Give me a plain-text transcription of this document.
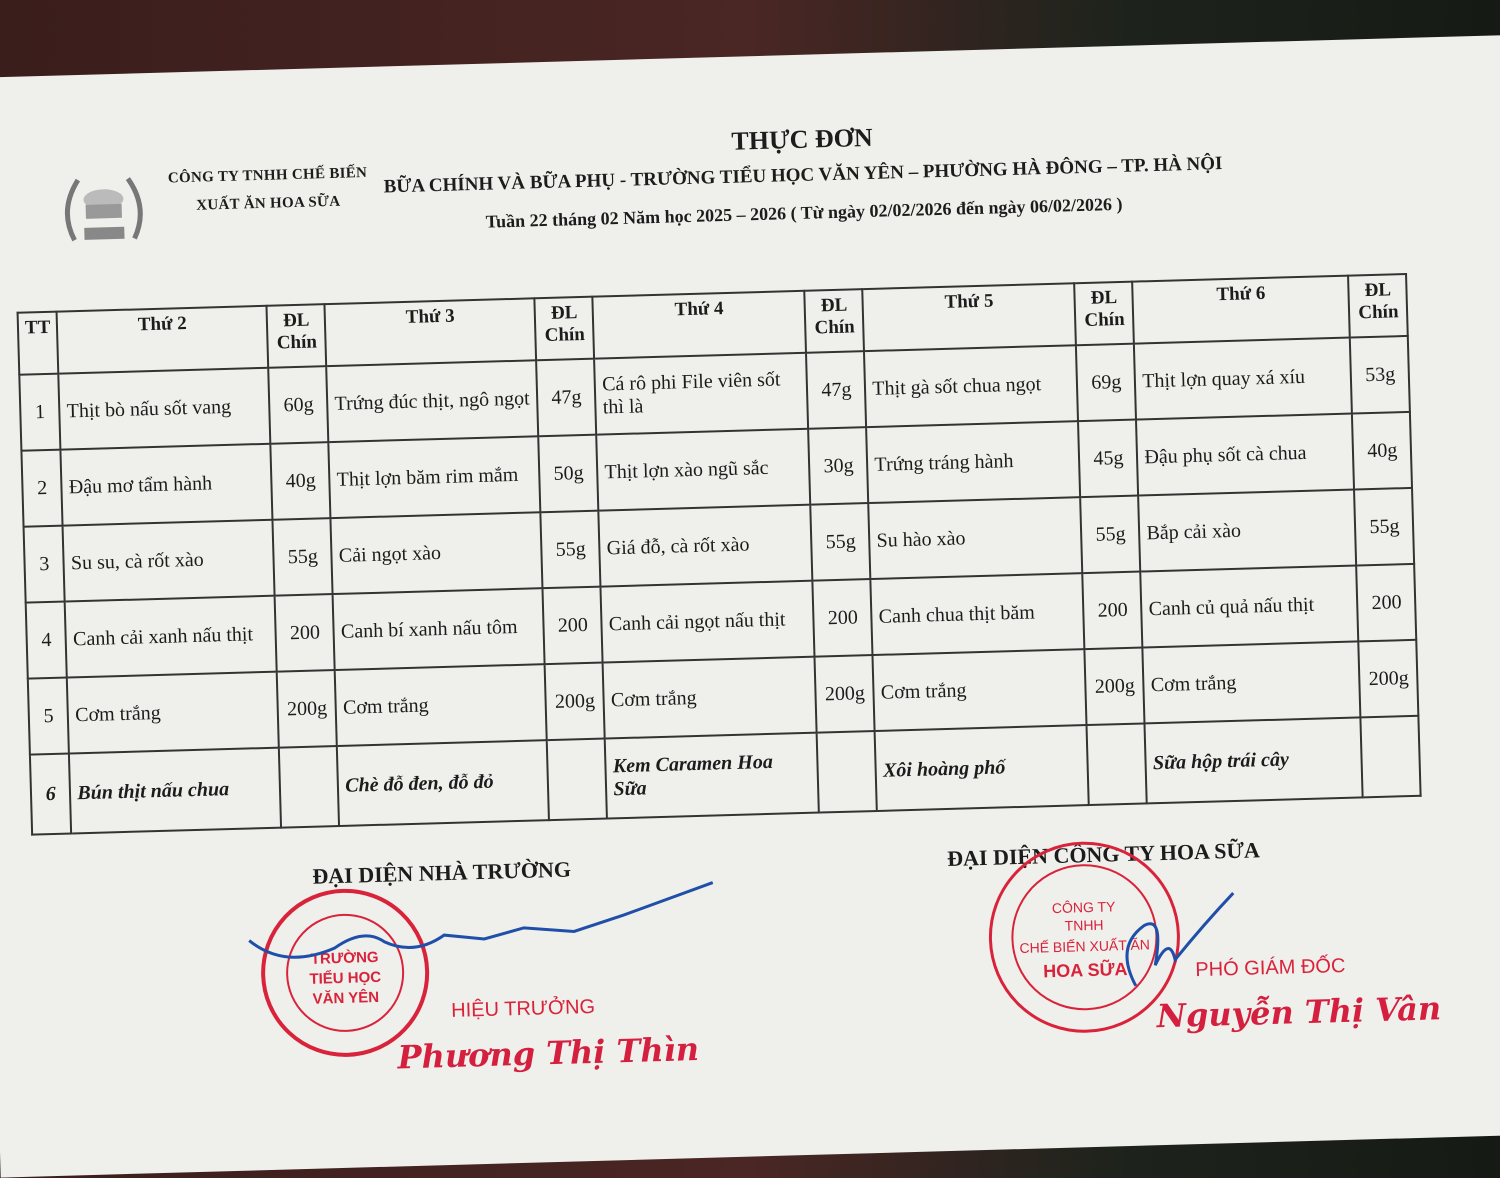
CÔNG TY TNHH CHẾ BIẾN
XUẤT ĂN HOA SỮA
THỰC ĐƠN
BỮA CHÍNH VÀ BỮA PHỤ - TRƯỜNG TIỂU HỌC VĂN YÊN – PHƯỜNG HÀ ĐÔNG – TP. HÀ NỘI
Tuần 22 tháng 02 Năm học 2025 – 2026 ( Từ ngày 02/02/2026 đến ngày 06/02/2026 )
TT	Thứ 2	ĐL Chín	Thứ 3	ĐL Chín	Thứ 4	ĐL Chín	Thứ 5	ĐL Chín	Thứ 6	ĐL Chín
1	Thịt bò nấu sốt vang	60g	Trứng đúc thịt, ngô ngọt	47g	Cá rô phi File viên sốt thì là	47g	Thịt gà sốt chua ngọt	69g	Thịt lợn quay xá xíu	53g
2	Đậu mơ tẩm hành	40g	Thịt lợn băm rim mắm	50g	Thịt lợn xào ngũ sắc	30g	Trứng tráng hành	45g	Đậu phụ sốt cà chua	40g
3	Su su, cà rốt xào	55g	Cải ngọt xào	55g	Giá đỗ, cà rốt xào	55g	Su hào xào	55g	Bắp cải xào	55g
4	Canh cải xanh nấu thịt	200	Canh bí xanh nấu tôm	200	Canh cải ngọt nấu thịt	200	Canh chua thịt băm	200	Canh củ quả nấu thịt	200
5	Cơm trắng	200g	Cơm trắng	200g	Cơm trắng	200g	Cơm trắng	200g	Cơm trắng	200g
6	Bún thịt nấu chua		Chè đỗ đen, đỗ đỏ		Kem Caramen Hoa Sữa		Xôi hoàng phố		Sữa hộp trái cây	
ĐẠI DIỆN NHÀ TRƯỜNG
TRƯỜNG
TIỂU HỌC
VĂN YÊN	HIỆU TRƯỞNG
Phương Thị Thìn
ĐẠI DIỆN CÔNG TY HOA SỮA
CÔNG TY
TNHH
CHẾ BIẾN XUẤT ĂN
HOA SỮA	PHÓ GIÁM ĐỐC
Nguyễn Thị Vân
